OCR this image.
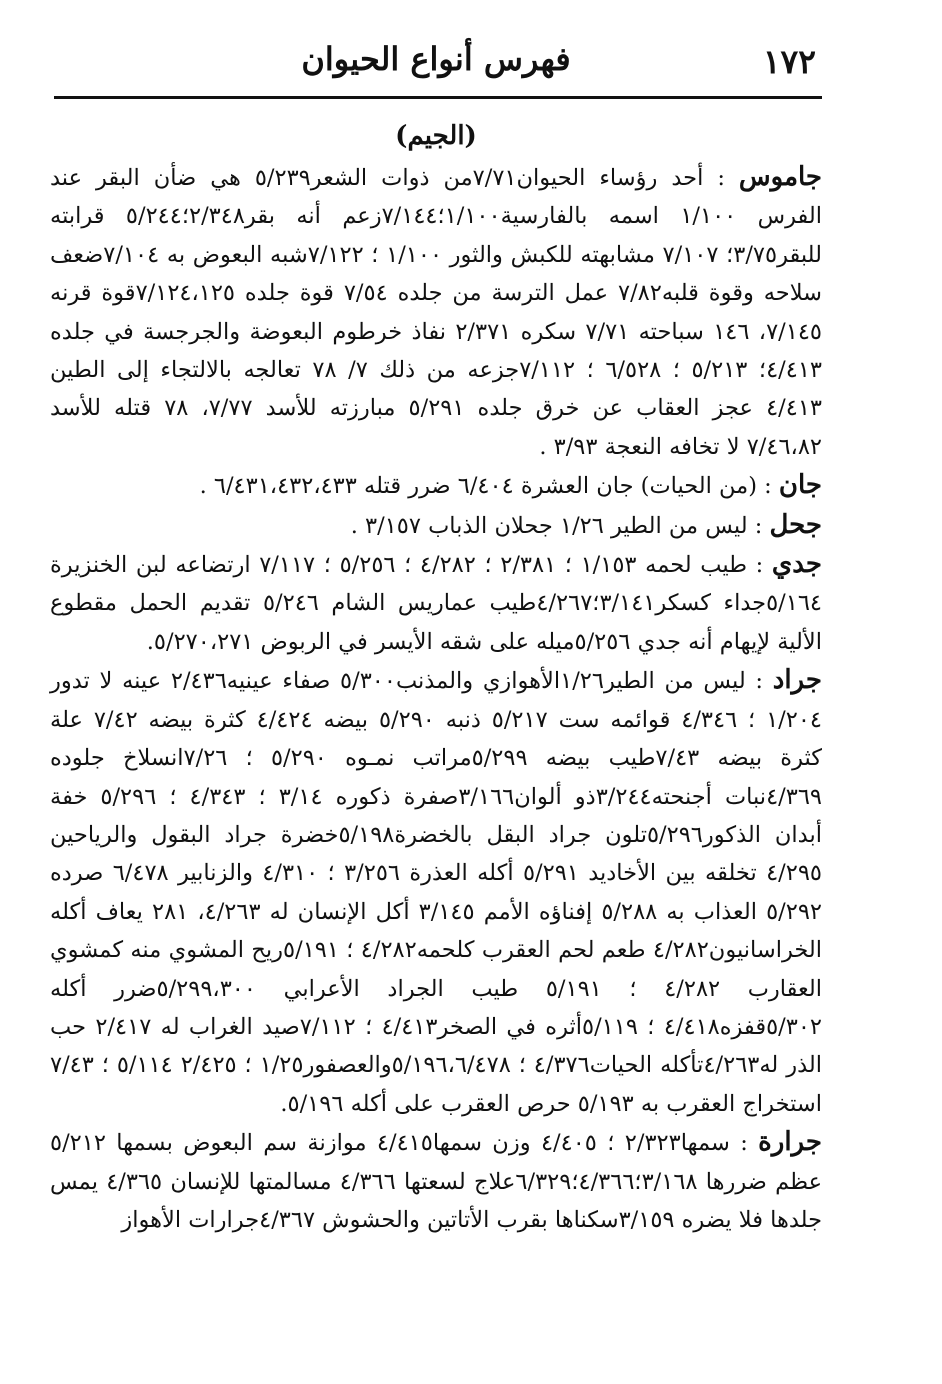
١٧٢
فهرس أنواع الحيوان
(الجيم)

جاموس : أحد رؤساء الحيوان٧/٧١من ذوات الشعر٥/٢٣٩ هي ضأن البقر عند الفرس ١/١٠٠ اسمه بالفارسية١/١٠٠؛٧/١٤٤زعم أنه بقر٢/٣٤٨؛٥/٢٤٤ قرابته للبقر٣/٧٥؛ ٧/١٠٧ مشابهته للكبش والثور ١/١٠٠ ؛ ٧/١٢٢شبه البعوض به ٧/١٠٤ضعف سلاحه وقوة قلبه٧/٨٢ عمل الترسة من جلده ٧/٥٤ قوة جلده ٧/١٢٤،١٢٥قوة قرنه ٧/١٤٥، ١٤٦ سباحته ٧/٧١ سكره ٢/٣٧١ نفاذ خرطوم البعوضة والجرجسة في جلده ٤/٤١٣؛ ٥/٢١٣ ؛ ٦/٥٢٨ ؛ ٧/١١٢جزعه من ذلك ٧/ ٧٨ تعالجه بالالتجاء إلى الطين ٤/٤١٣ عجز العقاب عن خرق جلده ٥/٢٩١ مبارزته للأسد ٧/٧٧، ٧٨ قتله للأسد ٧/٤٦،٨٢ لا تخافه النعجة ٣/٩٣ .

جان : (من الحيات) جان العشرة ٦/٤٠٤ ضرر قتله ٦/٤٣١،٤٣٢،٤٣٣ .

جحل : ليس من الطير ١/٢٦ جحلان الذباب ٣/١٥٧ .

جدي : طيب لحمه ١/١٥٣ ؛ ٢/٣٨١ ؛ ٤/٢٨٢ ؛ ٥/٢٥٦ ؛ ٧/١١٧ ارتضاعه لبن الخنزيرة ٥/١٦٤جداء كسكر٣/١٤١؛٤/٢٦٧طيب عماريس الشام ٥/٢٤٦ تقديم الحمل مقطوع الألية لإيهام أنه جدي ٥/٢٥٦ميله على شقه الأيسر في الربوض ٥/٢٧٠،٢٧١.

جراد : ليس من الطير١/٢٦الأهوازي والمذنب٥/٣٠٠ صفاء عينيه٢/٤٣٦ عينه لا تدور ١/٢٠٤ ؛ ٤/٣٤٦ قوائمه ست ٥/٢١٧ ذنبه ٥/٢٩٠ بيضه ٤/٤٢٤ كثرة بيضه ٧/٤٢ علة كثرة بيضه ٧/٤٣طيب بيضه ٥/٢٩٩مراتب نمـوه ٥/٢٩٠ ؛ ٧/٢٦انسلاخ جلوده ٤/٣٦٩نبات أجنحته٣/٢٤٤ذو ألوان٣/١٦٦صفرة ذكوره ٣/١٤ ؛ ٤/٣٤٣ ؛ ٥/٢٩٦ خفة أبدان الذكور٥/٢٩٦تلون جراد البقل بالخضرة٥/١٩٨خضرة جراد البقول والرياحين ٤/٢٩٥ تخلقه بين الأخاديد ٥/٢٩١ أكله العذرة ٣/٢٥٦ ؛ ٤/٣١٠ والزنابير ٦/٤٧٨ صرده ٥/٢٩٢ العذاب به ٥/٢٨٨ إفناؤه الأمم ٣/١٤٥ أكل الإنسان له ٤/٢٦٣، ٢٨١ يعاف أكله الخراسانيون٤/٢٨٢ طعم لحم العقرب كلحمه٤/٢٨٢ ؛ ٥/١٩١ريح المشوي منه كمشوي العقارب ٤/٢٨٢ ؛ ٥/١٩١ طيب الجراد الأعرابي ٥/٢٩٩،٣٠٠ضرر أكله ٥/٣٠٢قفزه٤/٤١٨ ؛ ٥/١١٩أثره في الصخر٤/٤١٣ ؛ ٧/١١٢صيد الغراب له ٢/٤١٧ حب الذر له٤/٢٦٣تأكله الحيات٤/٣٧٦ ؛ ٥/١٩٦،٦/٤٧٨والعصفور١/٢٥ ؛ ٢/٤٢٥ ٥/١١٤ ؛ ٧/٤٣ استخراج العقرب به ٥/١٩٣ حرص العقرب على أكله ٥/١٩٦.

جرارة : سمها٢/٣٢٣ ؛ ٤/٤٠٥ وزن سمها٤/٤١٥ موازنة سم البعوض بسمها ٥/٢١٢ عظم ضررها ٣/١٦٨؛٤/٣٦٦؛٦/٣٢٩علاج لسعتها ٤/٣٦٦ مسالمتها للإنسان ٤/٣٦٥ يمس جلدها فلا يضره ٣/١٥٩سكناها بقرب الأتاتين والحشوش ٤/٣٦٧جرارات الأهواز
